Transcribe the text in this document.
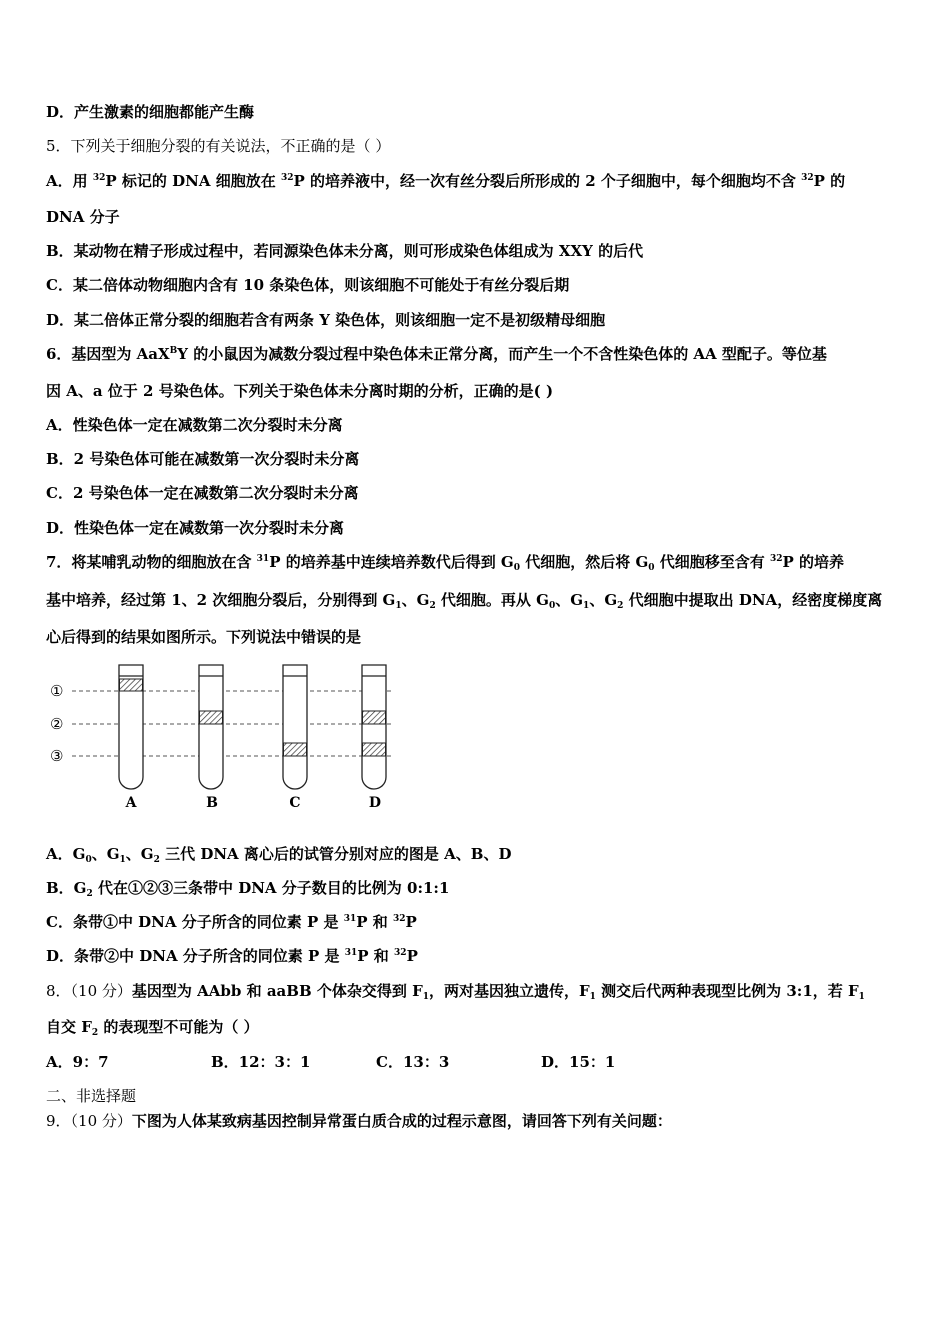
D．产生激素的细胞都能产生酶
5．下列关于细胞分裂的有关说法，不正确的是（ ）
A．用 $^{32}$P 标记的 DNA 细胞放在 $^{32}$P 的培养液中，经一次有丝分裂后所形成的 2 个子细胞中，每个细胞均不含 $^{32}$P 的
DNA 分子
B．某动物在精子形成过程中，若同源染色体未分离，则可形成染色体组成为 XXY 的后代
C．某二倍体动物细胞内含有 10 条染色体，则该细胞不可能处于有丝分裂后期
D．某二倍体正常分裂的细胞若含有两条 Y 染色体，则该细胞一定不是初级精母细胞
6．基因型为 AaX$^B$Y 的小鼠因为减数分裂过程中染色体未正常分离，而产生一个不含性染色体的 AA 型配子。等位基
因 A、a 位于 2 号染色体。下列关于染色体未分离时期的分析，正确的是( )
A．性染色体一定在减数第二次分裂时未分离
B．2 号染色体可能在减数第一次分裂时未分离
C．2 号染色体一定在减数第二次分裂时未分离
D．性染色体一定在减数第一次分裂时未分离
7．将某哺乳动物的细胞放在含 $^{31}$P 的培养基中连续培养数代后得到 $G_0$ 代细胞，然后将 $G_0$ 代细胞移至含有 $^{32}$P 的培养
基中培养，经过第 1、2 次细胞分裂后，分别得到 $G_1$、$G_2$ 代细胞。再从 $G_0$、$G_1$、$G_2$ 代细胞中提取出 DNA，经密度梯度离
心后得到的结果如图所示。下列说法中错误的是
①
②
③
A	B	C	D
A．$G_0$、$G_1$、$G_2$ 三代 DNA 离心后的试管分别对应的图是 A、B、D
B．$G_2$ 代在①②③三条带中 DNA 分子数目的比例为 0:1:1
C．条带①中 DNA 分子所含的同位素 P 是 $^{31}$P 和 $^{32}$P
D．条带②中 DNA 分子所含的同位素 P 是 $^{31}$P 和 $^{32}$P
8．（10 分）基因型为 AAbb 和 aaBB 个体杂交得到 $F_1$，两对基因独立遗传，$F_1$ 测交后代两种表现型比例为 3:1，若 $F_1$
自交 $F_2$ 的表现型不可能为（ ）
A．9：7	B．12：3：1	C．13：3	D．15：1
二、非选择题
9．（10 分）下图为人体某致病基因控制异常蛋白质合成的过程示意图，请回答下列有关问题：
